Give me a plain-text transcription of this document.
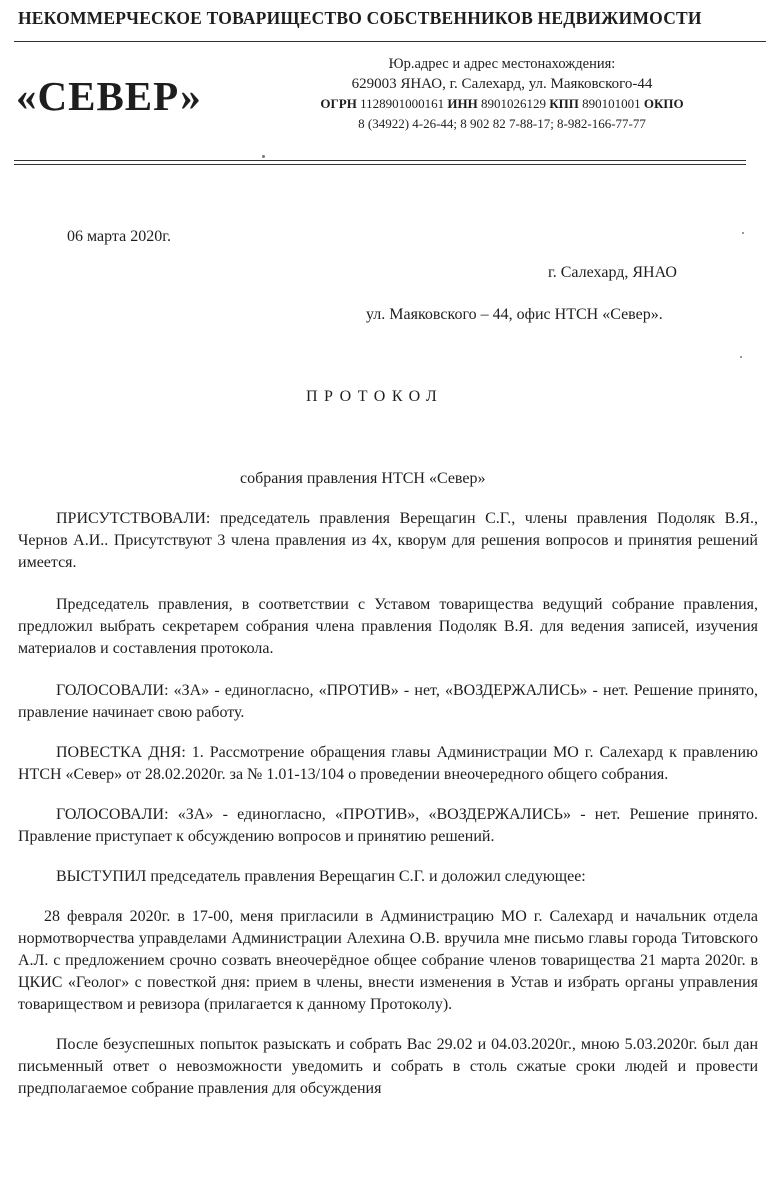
НЕКОММЕРЧЕСКОЕ ТОВАРИЩЕСТВО СОБСТВЕННИКОВ НЕДВИЖИМОСТИ
«СЕВЕР»
Юр.адрес и адрес местонахождения:
629003 ЯНАО, г. Салехард, ул. Маяковского-44
ОГРН 1128901000161 ИНН 8901026129 КПП 890101001 ОКПО
8 (34922) 4-26-44; 8 902 82 7-88-17; 8-982-166-77-77
06 марта 2020г.
г. Салехард, ЯНАО
ул. Маяковского – 44, офис НТСН «Север».
ПРОТОКОЛ
собрания правления НТСН «Север»

ПРИСУТСТВОВАЛИ: председатель правления Верещагин С.Г., члены правления Подоляк В.Я., Чернов А.И.. Присутствуют 3 члена правления из 4х, кворум для решения вопросов и принятия решений имеется.

Председатель правления, в соответствии с Уставом товарищества ведущий собрание правления, предложил выбрать секретарем собрания члена правления Подоляк В.Я. для ведения записей, изучения материалов и составления протокола.

ГОЛОСОВАЛИ: «ЗА» - единогласно, «ПРОТИВ» - нет, «ВОЗДЕРЖАЛИСЬ» - нет. Решение принято, правление начинает свою работу.

ПОВЕСТКА ДНЯ: 1. Рассмотрение обращения главы Администрации МО г. Салехард к правлению НТСН «Север» от 28.02.2020г. за № 1.01-13/104 о проведении внеочередного общего собрания.

ГОЛОСОВАЛИ: «ЗА» - единогласно, «ПРОТИВ», «ВОЗДЕРЖАЛИСЬ» - нет. Решение принято. Правление приступает к обсуждению вопросов и принятию решений.

ВЫСТУПИЛ председатель правления Верещагин С.Г. и доложил следующее:

28 февраля 2020г. в 17-00, меня пригласили в Администрацию МО г. Салехард и начальник отдела нормотворчества управделами Администрации Алехина О.В. вручила мне письмо главы города Титовского А.Л. с предложением срочно созвать внеочерёдное общее собрание членов товарищества 21 марта 2020г. в ЦКИС «Геолог» с повесткой дня: прием в члены, внести изменения в Устав и избрать органы управления товариществом и ревизора (прилагается к данному Протоколу).

После безуспешных попыток разыскать и собрать Вас 29.02 и 04.03.2020г., мною 5.03.2020г. был дан письменный ответ о невозможности уведомить и собрать в столь сжатые сроки людей и провести предполагаемое собрание правления для обсуждения
